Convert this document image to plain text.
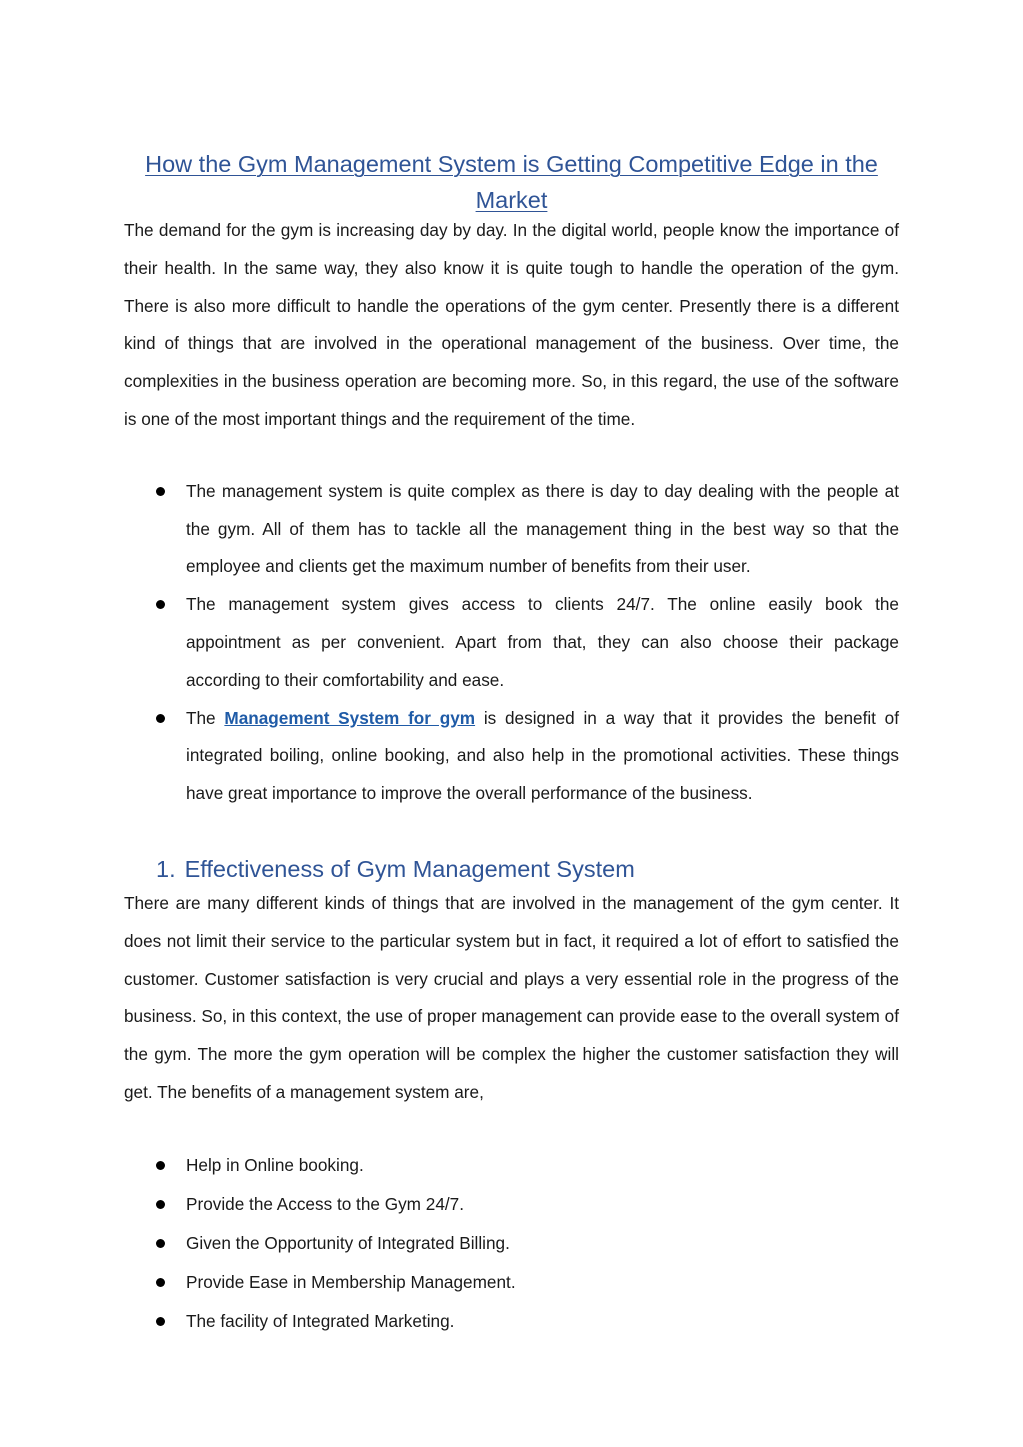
How the Gym Management System is Getting Competitive Edge in the Market

The demand for the gym is increasing day by day. In the digital world, people know the importance of their health. In the same way, they also know it is quite tough to handle the operation of the gym. There is also more difficult to handle the operations of the gym center. Presently there is a different kind of things that are involved in the operational management of the business. Over time, the complexities in the business operation are becoming more. So, in this regard, the use of the software is one of the most important things and the requirement of the time.

The management system is quite complex as there is day to day dealing with the people at the gym. All of them has to tackle all the management thing in the best way so that the employee and clients get the maximum number of benefits from their user.
The management system gives access to clients 24/7. The online easily book the appointment as per convenient. Apart from that, they can also choose their package according to their comfortability and ease.
The Management System for gym is designed in a way that it provides the benefit of integrated boiling, online booking, and also help in the promotional activities. These things have great importance to improve the overall performance of the business.
1. Effectiveness of Gym Management System

There are many different kinds of things that are involved in the management of the gym center. It does not limit their service to the particular system but in fact, it required a lot of effort to satisfied the customer. Customer satisfaction is very crucial and plays a very essential role in the progress of the business. So, in this context, the use of proper management can provide ease to the overall system of the gym. The more the gym operation will be complex the higher the customer satisfaction they will get. The benefits of a management system are,

Help in Online booking.
Provide the Access to the Gym 24/7.
Given the Opportunity of Integrated Billing.
Provide Ease in Membership Management.
The facility of Integrated Marketing.
